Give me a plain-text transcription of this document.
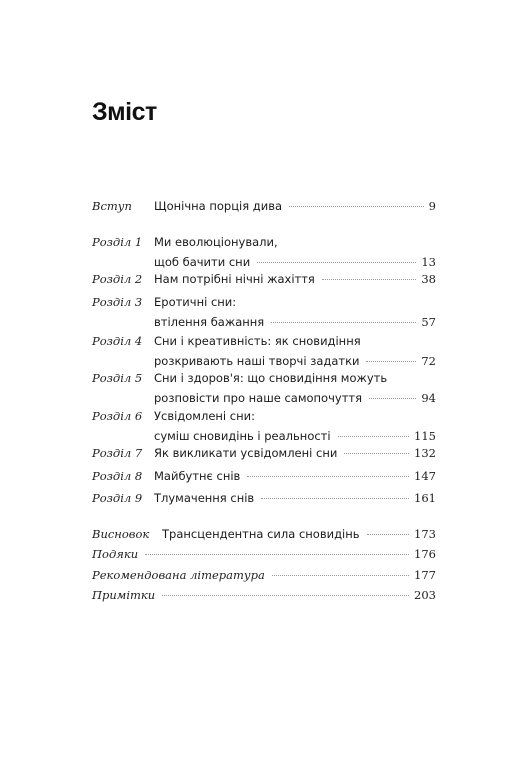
Зміст
Вступ Щонічна порція дива	9
Розділ 1 Ми еволюціонували,
щоб бачити сни	13
Розділ 2 Нам потрібні нічні жахіття	38
Розділ 3 Еротичні сни:
втілення бажання	57
Розділ 4 Сни і креативність: як сновидіння
розкривають наші творчі задатки	72
Розділ 5 Сни і здоров'я: що сновидіння можуть
розповісти про наше самопочуття	94
Розділ 6 Усвідомлені сни:
суміш сновидінь і реальності	115
Розділ 7 Як викликати усвідомлені сни	132
Розділ 8 Майбутнє снів	147
Розділ 9 Тлумачення снів	161
Висновок Трансцендентна сила сновидінь	173
Подяки	176
Рекомендована література	177
Примітки	203
